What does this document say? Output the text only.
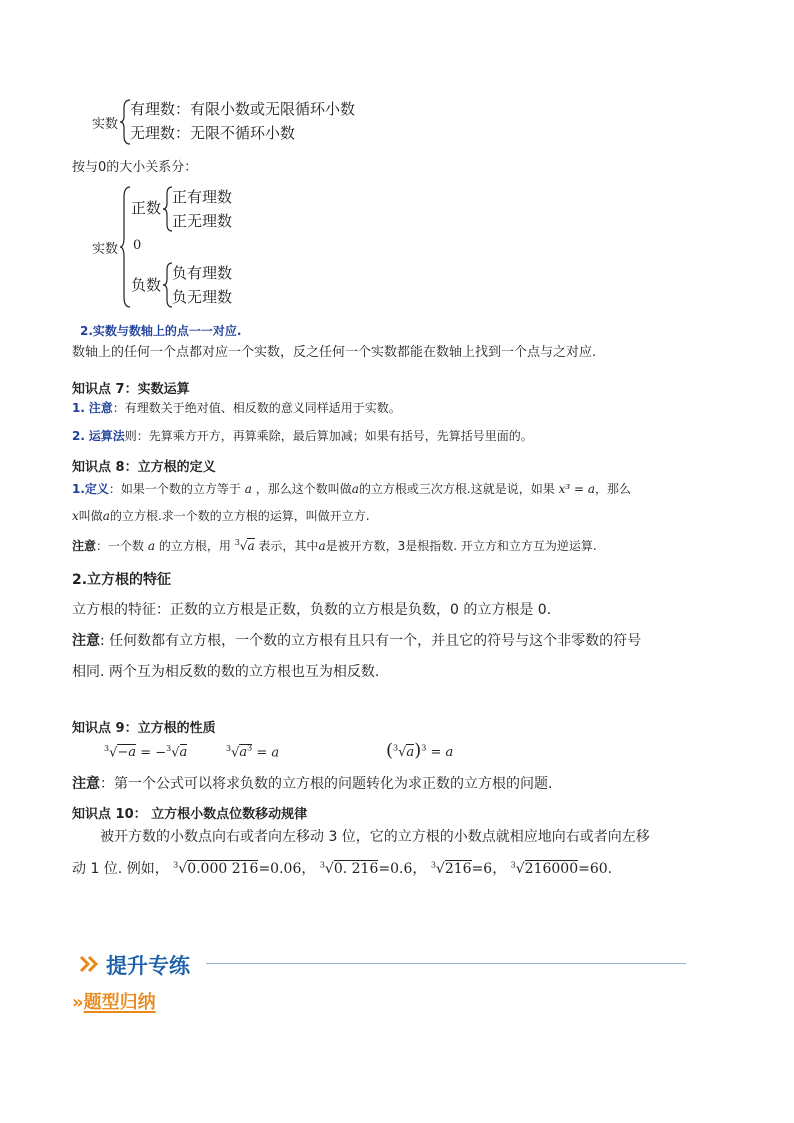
实数
有理数：有限小数或无限循环小数
无理数：无限不循环小数
按与0的大小关系分：
实数
正数
正有理数
正无理数
0
负数
负有理数
负无理数
2.实数与数轴上的点一一对应.
数轴上的任何一个点都对应一个实数，反之任何一个实数都能在数轴上找到一个点与之对应.
知识点 7：实数运算
1. 注意：有理数关于绝对值、相反数的意义同样适用于实数。
2. 运算法则：先算乘方开方，再算乘除，最后算加减；如果有括号，先算括号里面的。
知识点 8：立方根的定义
1.定义：如果一个数的立方等于 a ，那么这个数叫做a的立方根或三次方根.这就是说，如果 x³ = a，那么
x叫做a的立方根.求一个数的立方根的运算，叫做开立方.
注意：一个数 a 的立方根，用 $^3$√a 表示，其中a是被开方数，3是根指数. 开立方和立方互为逆运算.
2.立方根的特征
立方根的特征：正数的立方根是正数，负数的立方根是负数，0 的立方根是 0.
注意: 任何数都有立方根，一个数的立方根有且只有一个，并且它的符号与这个非零数的符号
相同. 两个互为相反数的数的立方根也互为相反数.
知识点 9：立方根的性质
$^3$√−a = −$^3$√a	$^3√a^3 = a$	$(^3√a)^3 = a$
注意：第一个公式可以将求负数的立方根的问题转化为求正数的立方根的问题.
知识点 10： 立方根小数点位数移动规律
被开方数的小数点向右或者向左移动 3 位，它的立方根的小数点就相应地向右或者向左移
动 1 位. 例如， $^3$√0.000 216=0.06， $^3$√0. 216=0.6， $^3$√216=6， $^3$√216000=60.
提升专练
»题型归纳
